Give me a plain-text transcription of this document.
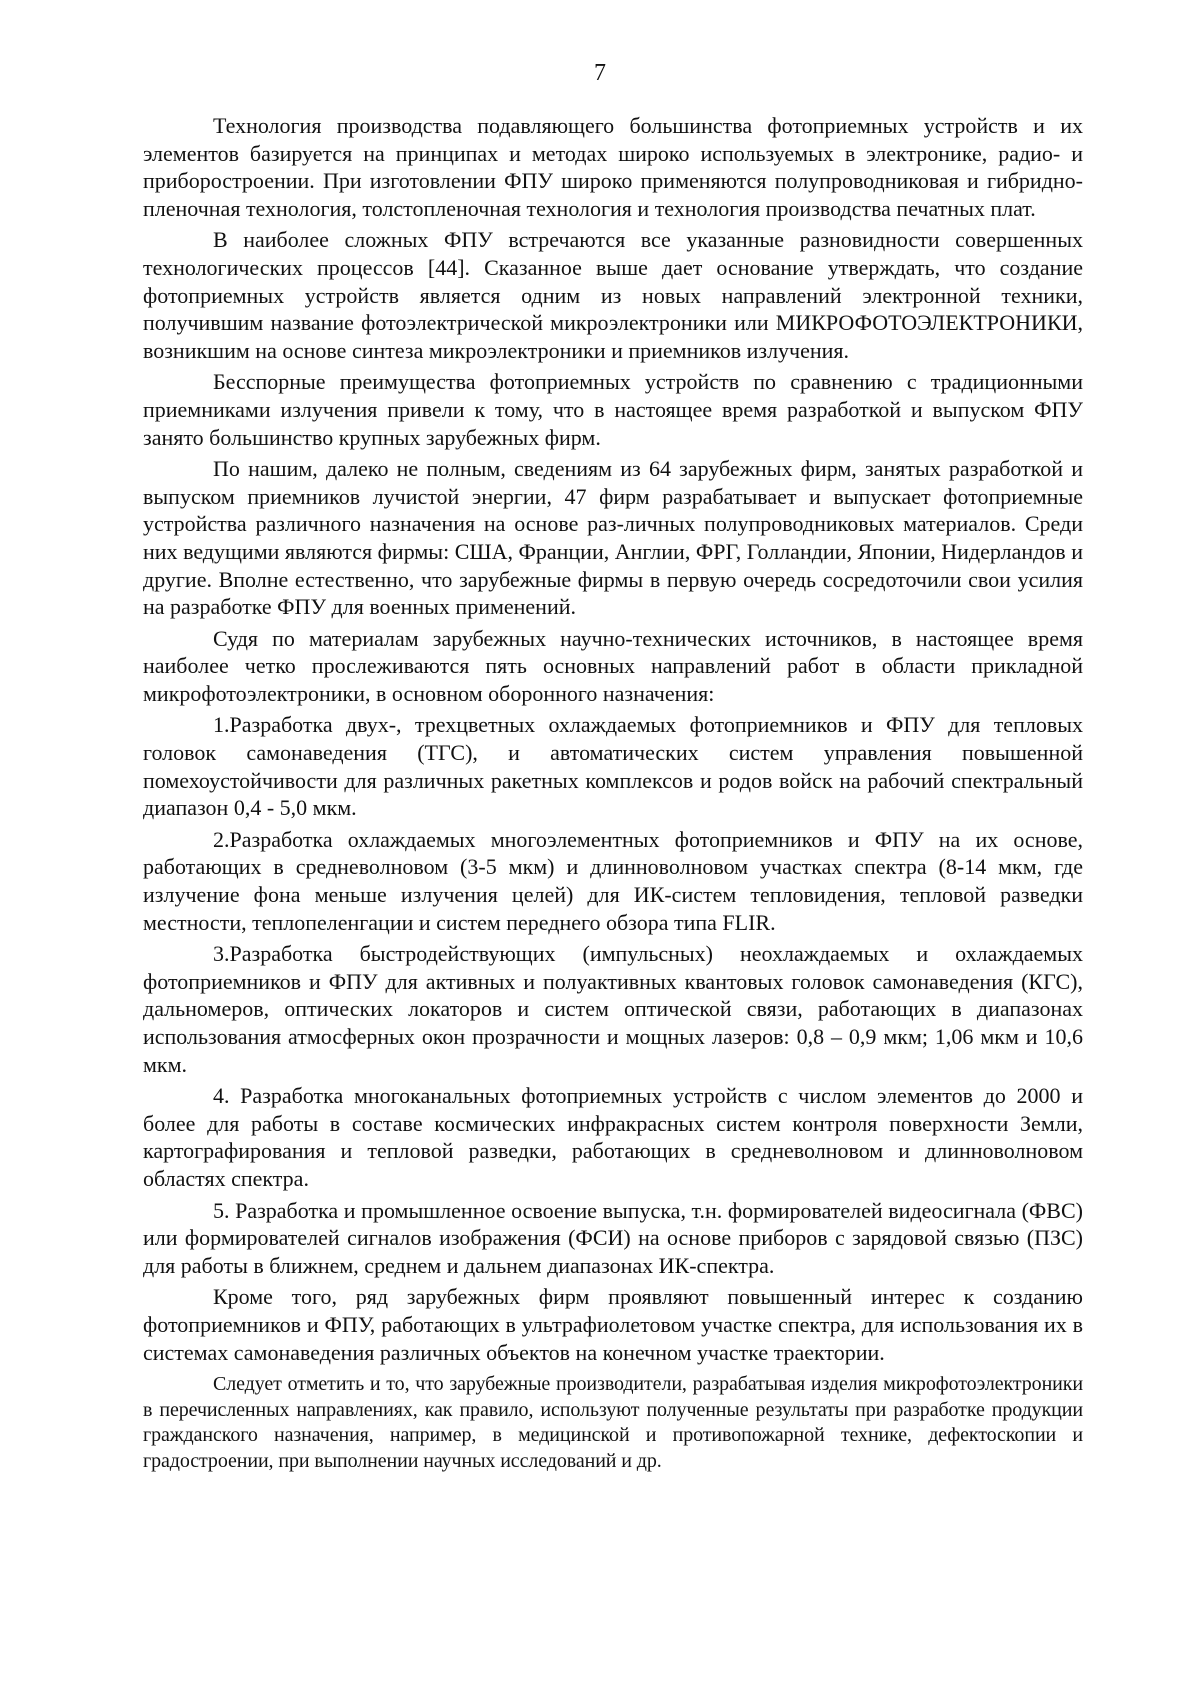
7

Технология производства подавляющего большинства фотоприемных устройств и их элементов базируется на принципах и методах широко используемых в электронике, радио- и приборостроении. При изготовлении ФПУ широко применяются полупроводниковая и гибридно-пленочная технология, толстопленочная технология и технология производства печатных плат.

В наиболее сложных ФПУ встречаются все указанные разновидности совершенных технологических процессов [44]. Сказанное выше дает основание утверждать, что создание фотоприемных устройств является одним из новых направлений электронной техники, получившим название фотоэлектрической микроэлектроники или МИКРОФОТОЭЛЕКТРОНИКИ, возникшим на основе синтеза микроэлектроники и приемников излучения.

Бесспорные преимущества фотоприемных устройств по сравнению с традиционными приемниками излучения привели к тому, что в настоящее время разработкой и выпуском ФПУ занято большинство крупных зарубежных фирм.

По нашим, далеко не полным, сведениям из 64 зарубежных фирм, занятых разработкой и выпуском приемников лучистой энергии, 47 фирм разрабатывает и выпускает фотоприемные устройства различного назначения на основе раз-личных полупроводниковых материалов. Среди них ведущими являются фирмы: США, Франции, Англии, ФРГ, Голландии, Японии, Нидерландов и другие. Вполне естественно, что зарубежные фирмы в первую очередь сосредоточили свои усилия на разработке ФПУ для военных применений.

Судя по материалам зарубежных научно-технических источников, в настоящее время наиболее четко прослеживаются пять основных направлений работ в области прикладной микрофотоэлектроники, в основном оборонного назначения:

1.Разработка двух-, трехцветных охлаждаемых фотоприемников и ФПУ для тепловых головок самонаведения (ТГС), и автоматических систем управления повышенной помехоустойчивости для различных ракетных комплексов и родов войск на рабочий спектральный диапазон 0,4 - 5,0 мкм.

2.Разработка охлаждаемых многоэлементных фотоприемников и ФПУ на их основе, работающих в средневолновом (3-5 мкм) и длинноволновом участках спектра (8-14 мкм, где излучение фона меньше излучения целей) для ИК-систем тепловидения, тепловой разведки местности, теплопеленгации и систем переднего обзора типа FLIR.

3.Разработка быстродействующих (импульсных) неохлаждаемых и охлаждаемых фотоприемников и ФПУ для активных и полуактивных квантовых головок самонаведения (КГС), дальномеров, оптических локаторов и систем оптической связи, работающих в диапазонах использования атмосферных окон прозрачности и мощных лазеров: 0,8 – 0,9 мкм; 1,06 мкм и 10,6 мкм.

4. Разработка многоканальных фотоприемных устройств с числом элементов до 2000 и более для работы в составе космических инфракрасных систем контроля поверхности Земли, картографирования и тепловой разведки, работающих в средневолновом и длинноволновом областях спектра.

5. Разработка и промышленное освоение выпуска, т.н. формирователей видеосигнала (ФВС) или формирователей сигналов изображения (ФСИ) на основе приборов с зарядовой связью (ПЗС) для работы в ближнем, среднем и дальнем диапазонах ИК-спектра.

Кроме того, ряд зарубежных фирм проявляют повышенный интерес к созданию фотоприемников и ФПУ, работающих в ультрафиолетовом участке спектра, для использования их в системах самонаведения различных объектов на конечном участке траектории.

Следует отметить и то, что зарубежные производители, разрабатывая изделия микрофотоэлектроники в перечисленных направлениях, как правило, используют полученные результаты при разработке продукции гражданского назначения, например, в медицинской и противопожарной технике, дефектоскопии и градостроении, при выполнении научных исследований и др.
